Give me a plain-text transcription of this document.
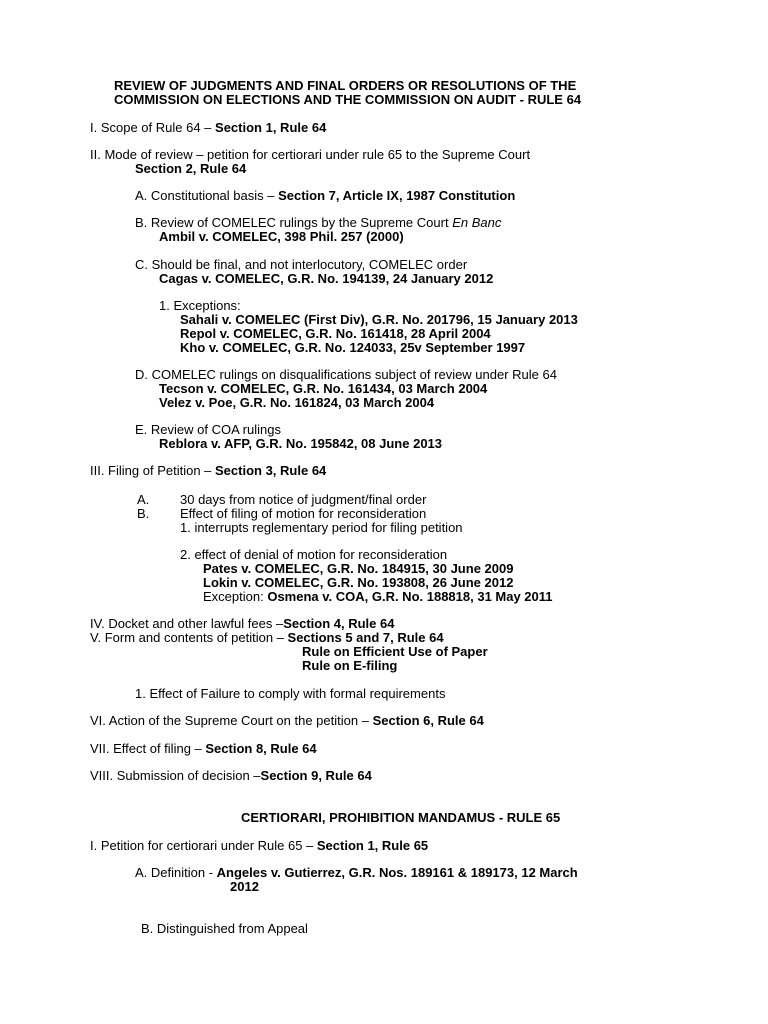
REVIEW OF JUDGMENTS AND FINAL ORDERS OR RESOLUTIONS OF THE

COMMISSION ON ELECTIONS AND THE COMMISSION ON AUDIT - RULE 64

I. Scope of Rule 64 – Section 1, Rule 64

II. Mode of review – petition for certiorari under rule 65 to the Supreme Court

Section 2, Rule 64

A. Constitutional basis – Section 7, Article IX, 1987 Constitution

B. Review of COMELEC rulings by the Supreme Court En Banc

Ambil v. COMELEC, 398 Phil. 257 (2000)

C. Should be final, and not interlocutory, COMELEC order

Cagas v. COMELEC, G.R. No. 194139, 24 January 2012

1. Exceptions:

Sahali v. COMELEC (First Div), G.R. No. 201796, 15 January 2013

Repol v. COMELEC, G.R. No. 161418, 28 April 2004

Kho v. COMELEC, G.R. No. 124033, 25v September 1997

D. COMELEC rulings on disqualifications subject of review under Rule 64

Tecson v. COMELEC, G.R. No. 161434, 03 March 2004

Velez v. Poe, G.R. No. 161824, 03 March 2004

E. Review of COA rulings

Reblora v. AFP, G.R. No. 195842, 08 June 2013

III. Filing of Petition – Section 3, Rule 64

A. 30 days from notice of judgment/final order

B. Effect of filing of motion for reconsideration

1. interrupts reglementary period for filing petition

2. effect of denial of motion for reconsideration

Pates v. COMELEC, G.R. No. 184915, 30 June 2009

Lokin v. COMELEC, G.R. No. 193808, 26 June 2012

Exception: Osmena v. COA, G.R. No. 188818, 31 May 2011

IV. Docket and other lawful fees –Section 4, Rule 64

V. Form and contents of petition – Sections 5 and 7, Rule 64

Rule on Efficient Use of Paper

Rule on E-filing

1. Effect of Failure to comply with formal requirements

VI. Action of the Supreme Court on the petition – Section 6, Rule 64

VII. Effect of filing – Section 8, Rule 64

VIII. Submission of decision –Section 9, Rule 64

CERTIORARI, PROHIBITION MANDAMUS - RULE 65

I. Petition for certiorari under Rule 65 – Section 1, Rule 65

A. Definition - Angeles v. Gutierrez, G.R. Nos. 189161 & 189173, 12 March

2012

B. Distinguished from Appeal
